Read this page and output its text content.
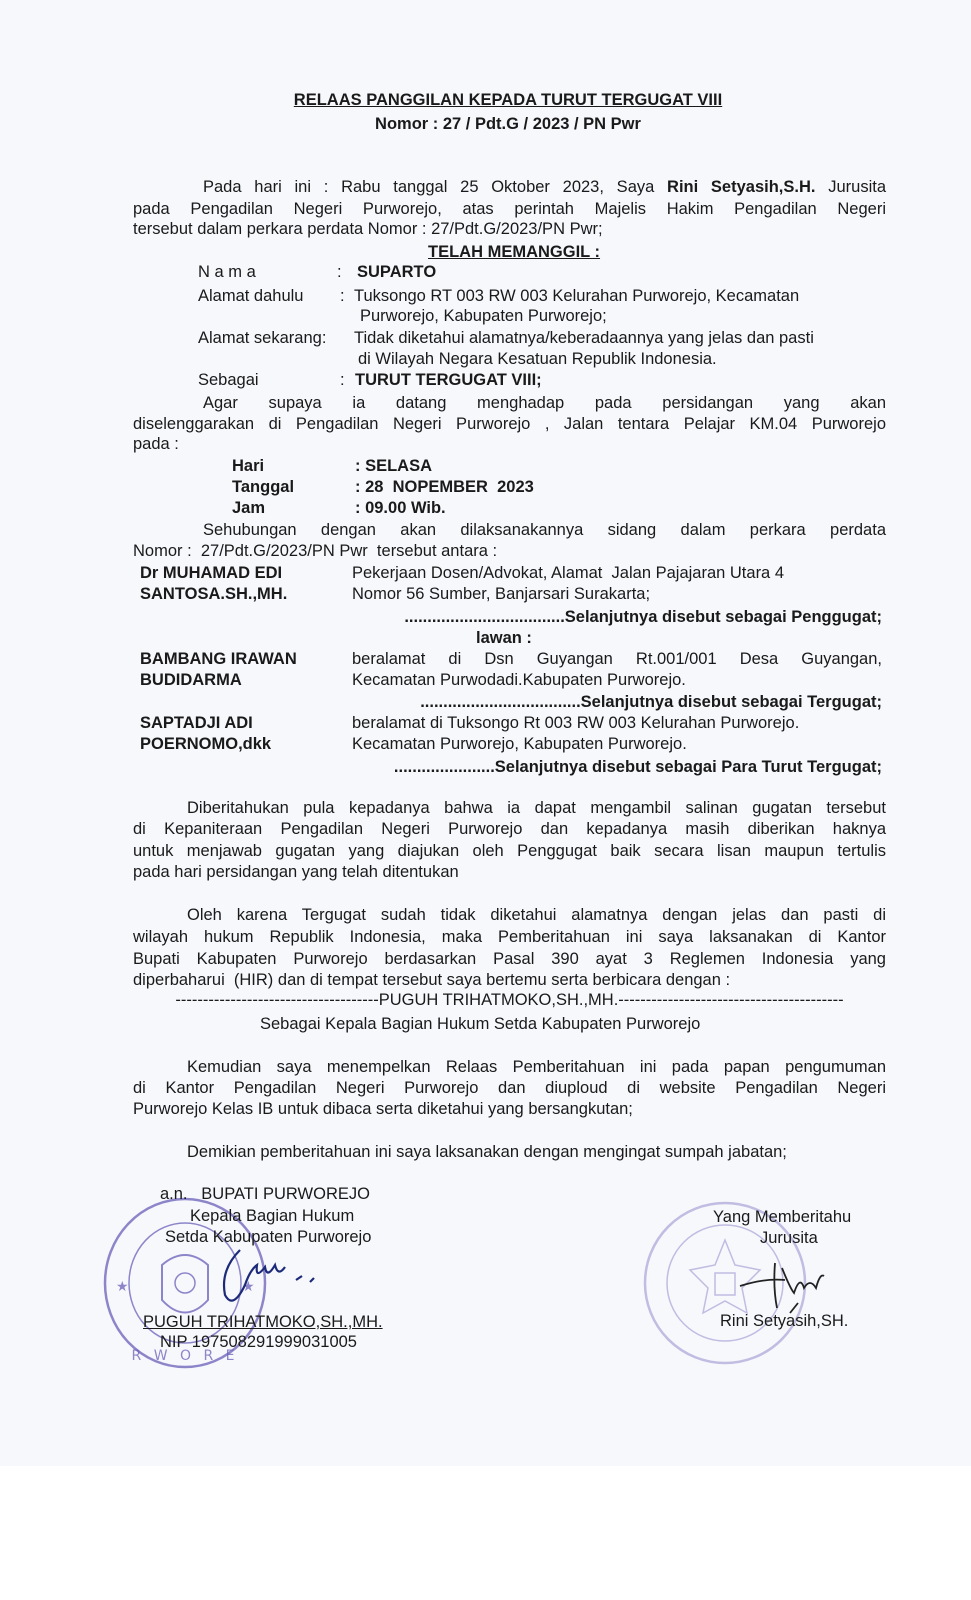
RELAAS PANGGILAN KEPADA TURUT TERGUGAT VIII
Nomor : 27 / Pdt.G / 2023 / PN Pwr
Pada hari ini : Rabu tanggal 25 Oktober 2023, Saya Rini Setyasih,S.H. Jurusita
pada Pengadilan Negeri Purworejo, atas perintah Majelis Hakim Pengadilan Negeri
tersebut dalam perkara perdata Nomor : 27/Pdt.G/2023/PN Pwr;
TELAH MEMANGGIL :
N a m a	: SUPARTO
Alamat dahulu : Tuksongo RT 003 RW 003 Kelurahan Purworejo, Kecamatan
Purworejo, Kabupaten Purworejo;
Alamat sekarang: Tidak diketahui alamatnya/keberadaannya yang jelas dan pasti
di Wilayah Negara Kesatuan Republik Indonesia.
Sebagai	: TURUT TERGUGAT VIII;
Agar supaya ia datang menghadap pada persidangan yang akan
diselenggarakan di Pengadilan Negeri Purworejo , Jalan tentara Pelajar KM.04 Purworejo
pada :
Hari	: SELASA
Tanggal	: 28  NOPEMBER  2023
Jam	: 09.00 Wib.
Sehubungan dengan akan dilaksanakannya sidang dalam perkara perdata
Nomor :  27/Pdt.G/2023/PN Pwr  tersebut antara :
Dr MUHAMAD EDI
SANTOSA.SH.,MH.
Pekerjaan Dosen/Advokat, Alamat  Jalan Pajajaran Utara 4
Nomor 56 Sumber, Banjarsari Surakarta;
...................................Selanjutnya disebut sebagai Penggugat;
lawan :
BAMBANG IRAWAN
BUDIDARMA
beralamat di Dsn Guyangan Rt.001/001 Desa Guyangan,
Kecamatan Purwodadi.Kabupaten Purworejo.
...................................Selanjutnya disebut sebagai Tergugat;
SAPTADJI ADI
POERNOMO,dkk
beralamat di Tuksongo Rt 003 RW 003 Kelurahan Purworejo.
Kecamatan Purworejo, Kabupaten Purworejo.
......................Selanjutnya disebut sebagai Para Turut Tergugat;
Diberitahukan pula kepadanya bahwa ia dapat mengambil salinan gugatan tersebut
di Kepaniteraan Pengadilan Negeri Purworejo dan kepadanya masih diberikan haknya
untuk menjawab gugatan yang diajukan oleh Penggugat baik secara lisan maupun tertulis
pada hari persidangan yang telah ditentukan
Oleh karena Tergugat sudah tidak diketahui alamatnya dengan jelas dan pasti di
wilayah hukum Republik Indonesia, maka Pemberitahuan ini saya laksanakan di Kantor
Bupati Kabupaten Purworejo berdasarkan Pasal 390 ayat 3 Reglemen Indonesia yang
diperbaharui  (HIR) dan di tempat tersebut saya bertemu serta berbicara dengan :
-------------------------------------PUGUH TRIHATMOKO,SH.,MH.-----------------------------------------
Sebagai Kepala Bagian Hukum Setda Kabupaten Purworejo
Kemudian saya menempelkan Relaas Pemberitahuan ini pada papan pengumuman
di Kantor Pengadilan Negeri Purworejo dan diuploud di website Pengadilan Negeri
Purworejo Kelas IB untuk dibaca serta diketahui yang bersangkutan;
Demikian pemberitahuan ini saya laksanakan dengan mengingat sumpah jabatan;
R W O R E
★	★
a.n.   BUPATI PURWOREJO
Kepala Bagian Hukum
Setda Kabupaten Purworejo
PUGUH TRIHATMOKO,SH.,MH.
NIP 197508291999031005
Yang Memberitahu
Jurusita
Rini Setyasih,SH.
